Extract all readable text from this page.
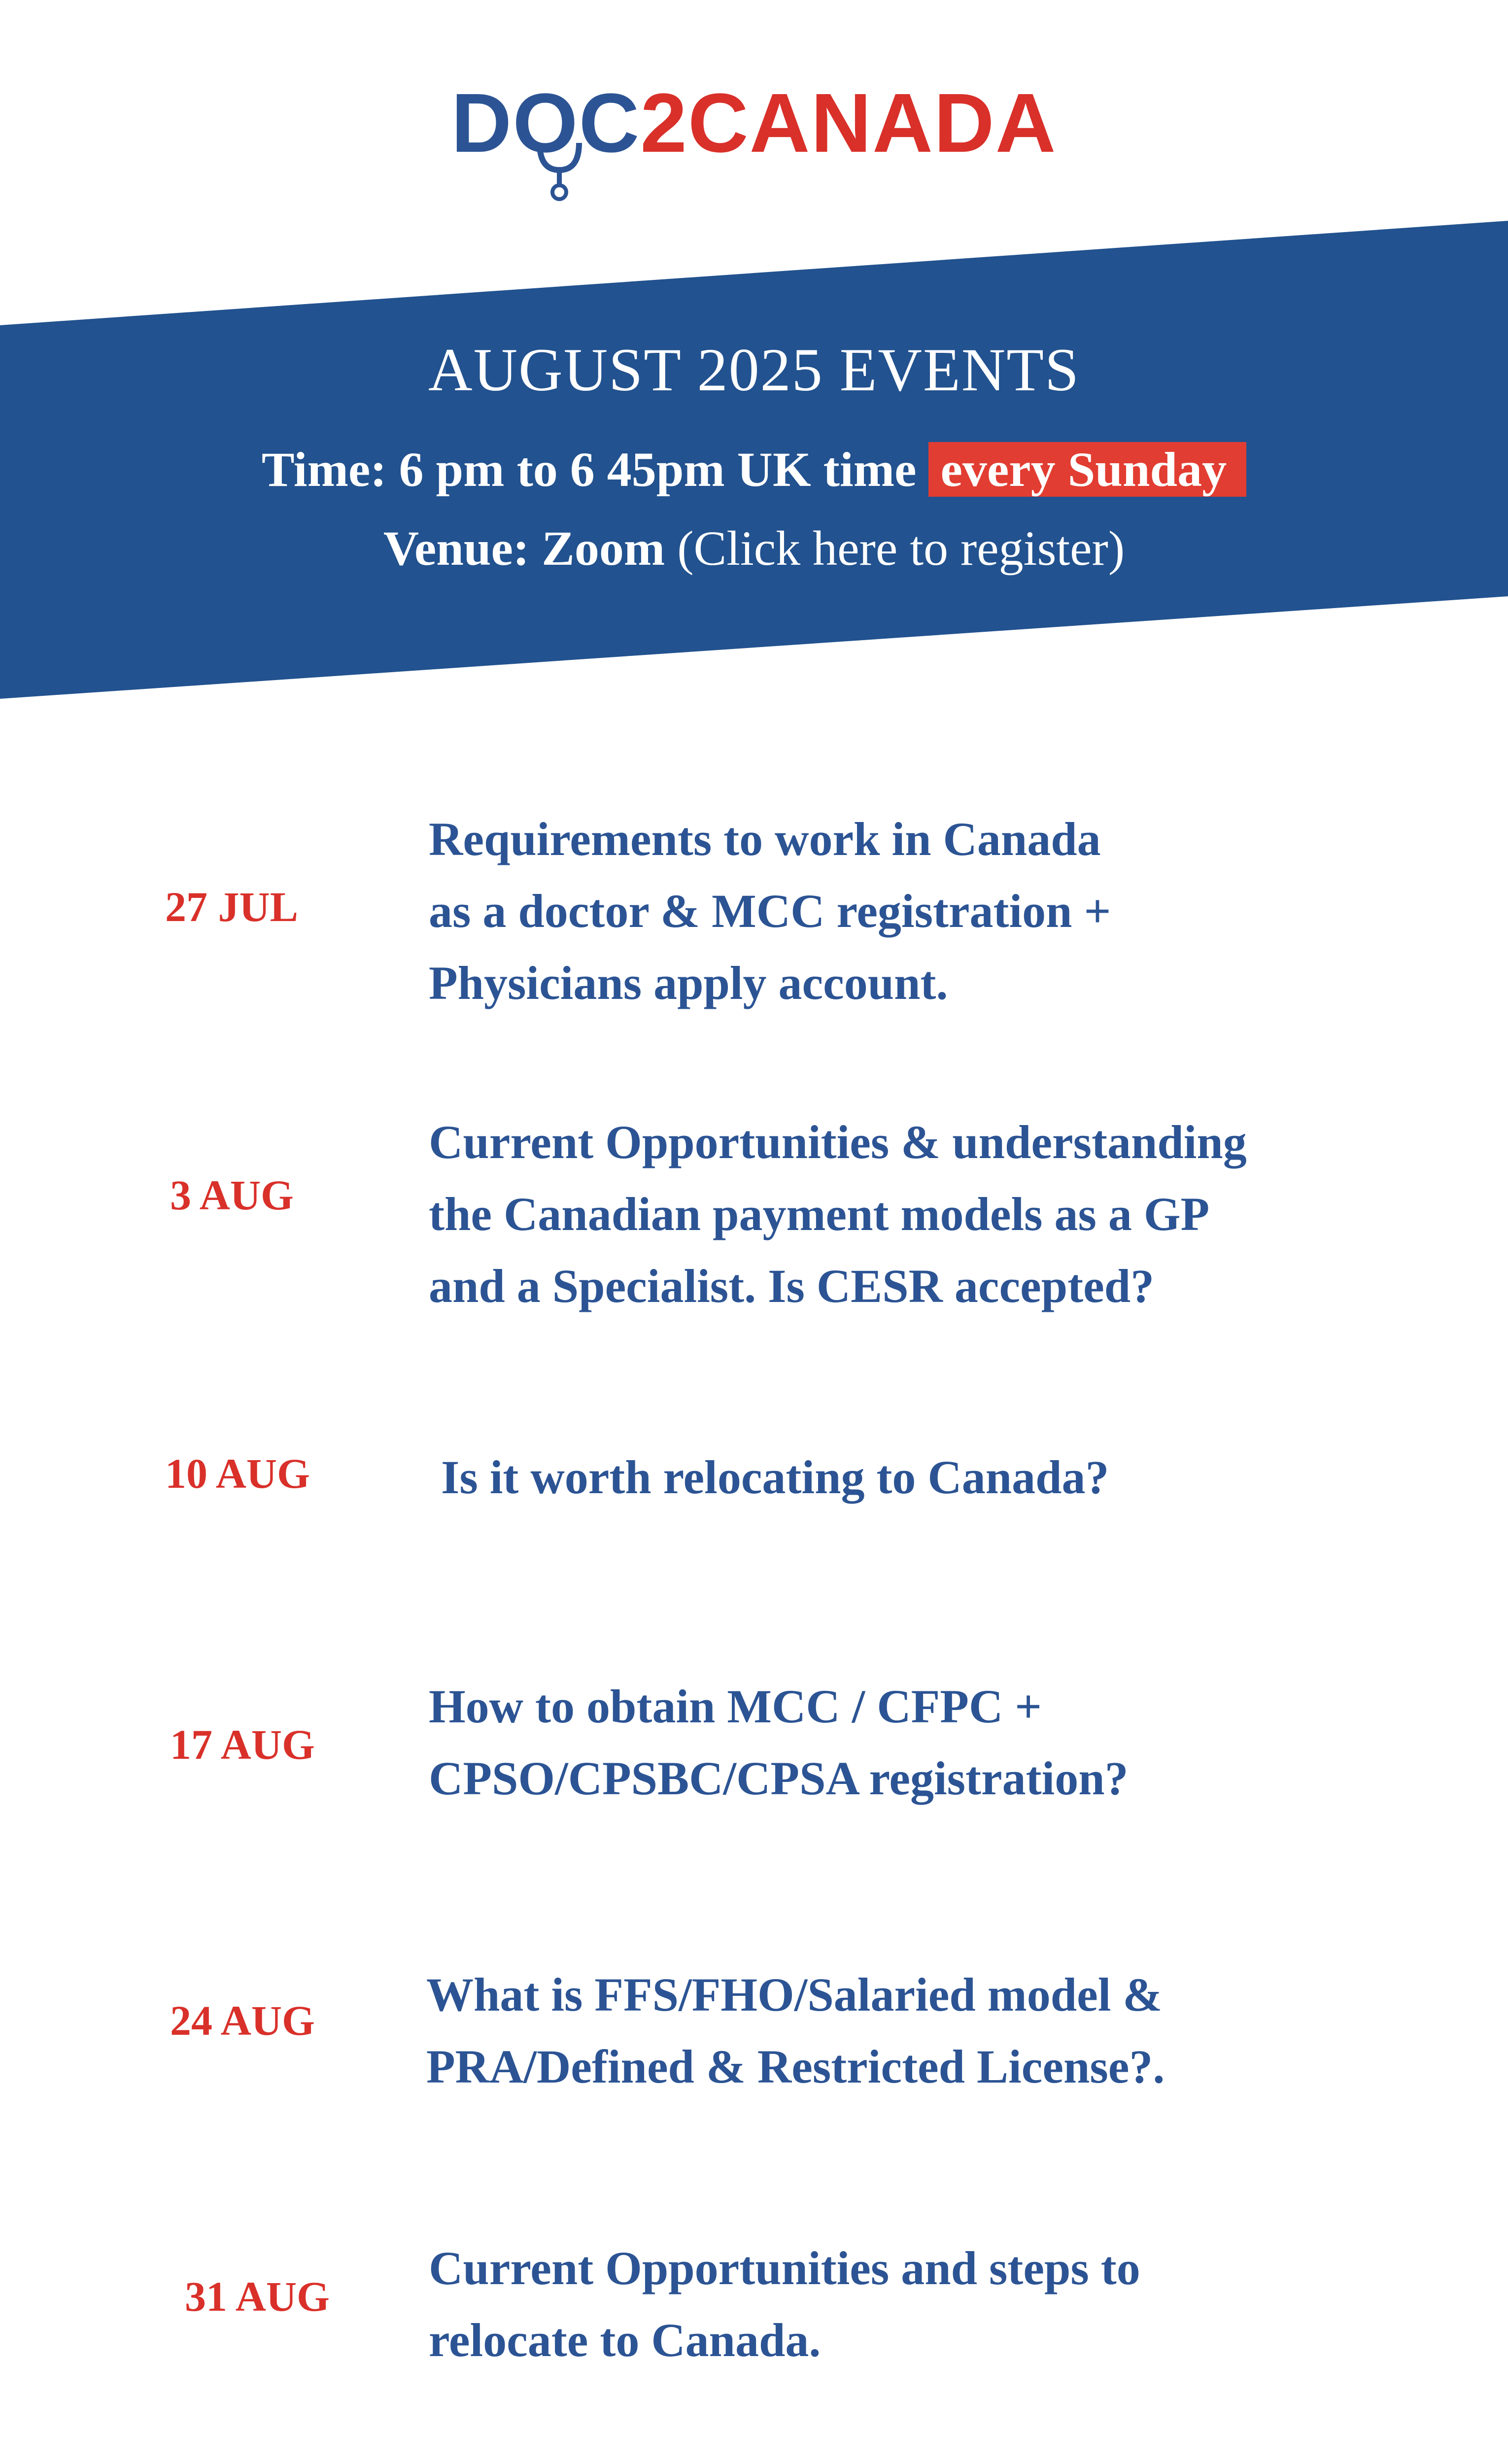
DOC2CANADA
AUGUST 2025 EVENTS
Time: 6 pm to 6 45pm UK time every Sunday
Venue: Zoom (Click here to register)
27 JUL
Requirements to work in Canada
as a doctor & MCC registration +
Physicians apply account.
3 AUG
Current Opportunities & understanding
the Canadian payment models as a GP
and a Specialist. Is CESR accepted?
10 AUG	Is it worth relocating to Canada?
17 AUG
How to obtain MCC / CFPC +
CPSO/CPSBC/CPSA registration?
24 AUG What is FFS/FHO/Salaried model &
PRA/Defined & Restricted License?.
31 AUG
Current Opportunities and steps to
relocate to Canada.
